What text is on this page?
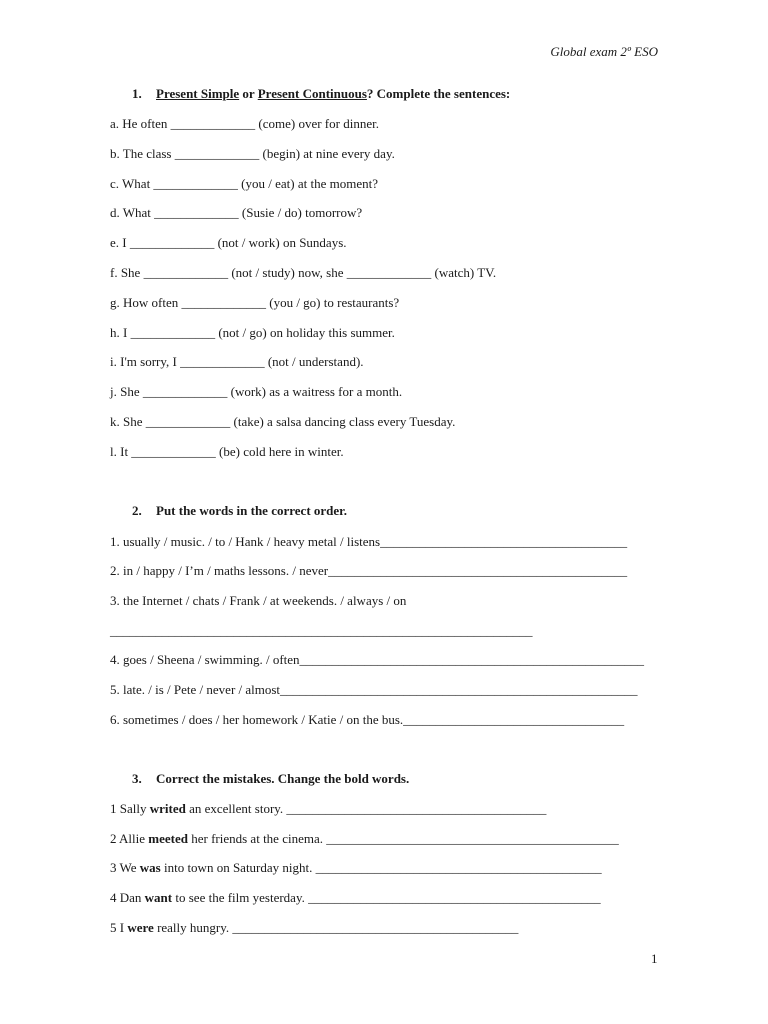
Global exam 2º ESO
1. Present Simple or Present Continuous? Complete the sentences:
a. He often _____________ (come) over for dinner.
b. The class _____________ (begin) at nine every day.
c. What _____________ (you / eat) at the moment?
d. What _____________ (Susie / do) tomorrow?
e. I _____________ (not / work) on Sundays.
f. She _____________ (not / study) now, she _____________ (watch) TV.
g. How often _____________ (you / go) to restaurants?
h. I _____________ (not / go) on holiday this summer.
i. I'm sorry, I _____________ (not / understand).
j. She _____________ (work) as a waitress for a month.
k. She _____________ (take) a salsa dancing class every Tuesday.
l. It _____________ (be) cold here in winter.
2. Put the words in the correct order.
1. usually / music. / to / Hank / heavy metal / listens______________________________________
2. in / happy / I’m / maths lessons. / never______________________________________________
3. the Internet / chats / Frank / at weekends. / always / on
_________________________________________________________________
4. goes / Sheena / swimming. / often_____________________________________________________
5. late. / is / Pete / never / almost_______________________________________________________
6. sometimes / does / her homework / Katie / on the bus.__________________________________
3. Correct the mistakes. Change the bold words.
1 Sally writed an excellent story. ________________________________________
2 Allie meeted her friends at the cinema. _____________________________________________
3 We was into town on Saturday night. ____________________________________________
4 Dan want to see the film yesterday. _____________________________________________
5 I were really hungry. ____________________________________________
1
